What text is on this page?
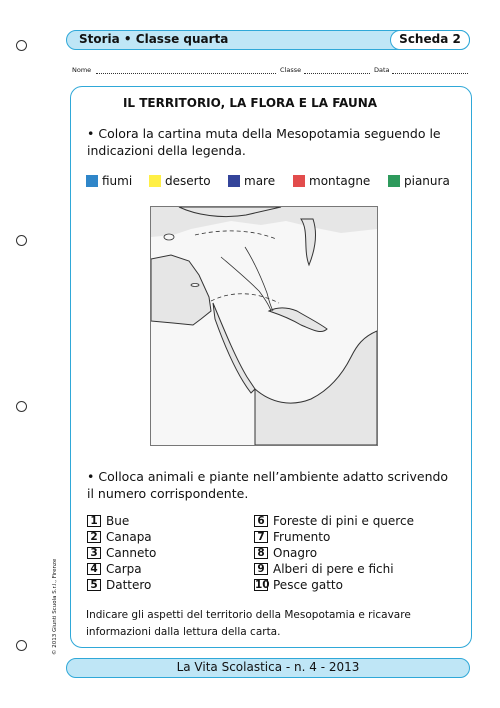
Storia • Classe quarta	Scheda 2
Nome	Classe	Data
IL TERRITORIO, LA FLORA E LA FAUNA
• Colora la cartina muta della Mesopotamia seguendo le indicazioni della legenda.
fiumi	deserto	mare	montagne	pianura
• Colloca animali e piante nell’ambiente adatto scrivendo il numero corrispondente.
1 Bue
2 Canapa
3 Canneto
4 Carpa
5 Dattero
6 Foreste di pini e querce
7 Frumento
8 Onagro
9 Alberi di pere e fichi
10 Pesce gatto
Indicare gli aspetti del territorio della Mesopotamia e ricavare informazioni dalla lettura della carta.
© 2013 Giunti Scuola S.r.l., Firenze
La Vita Scolastica - n. 4 - 2013
